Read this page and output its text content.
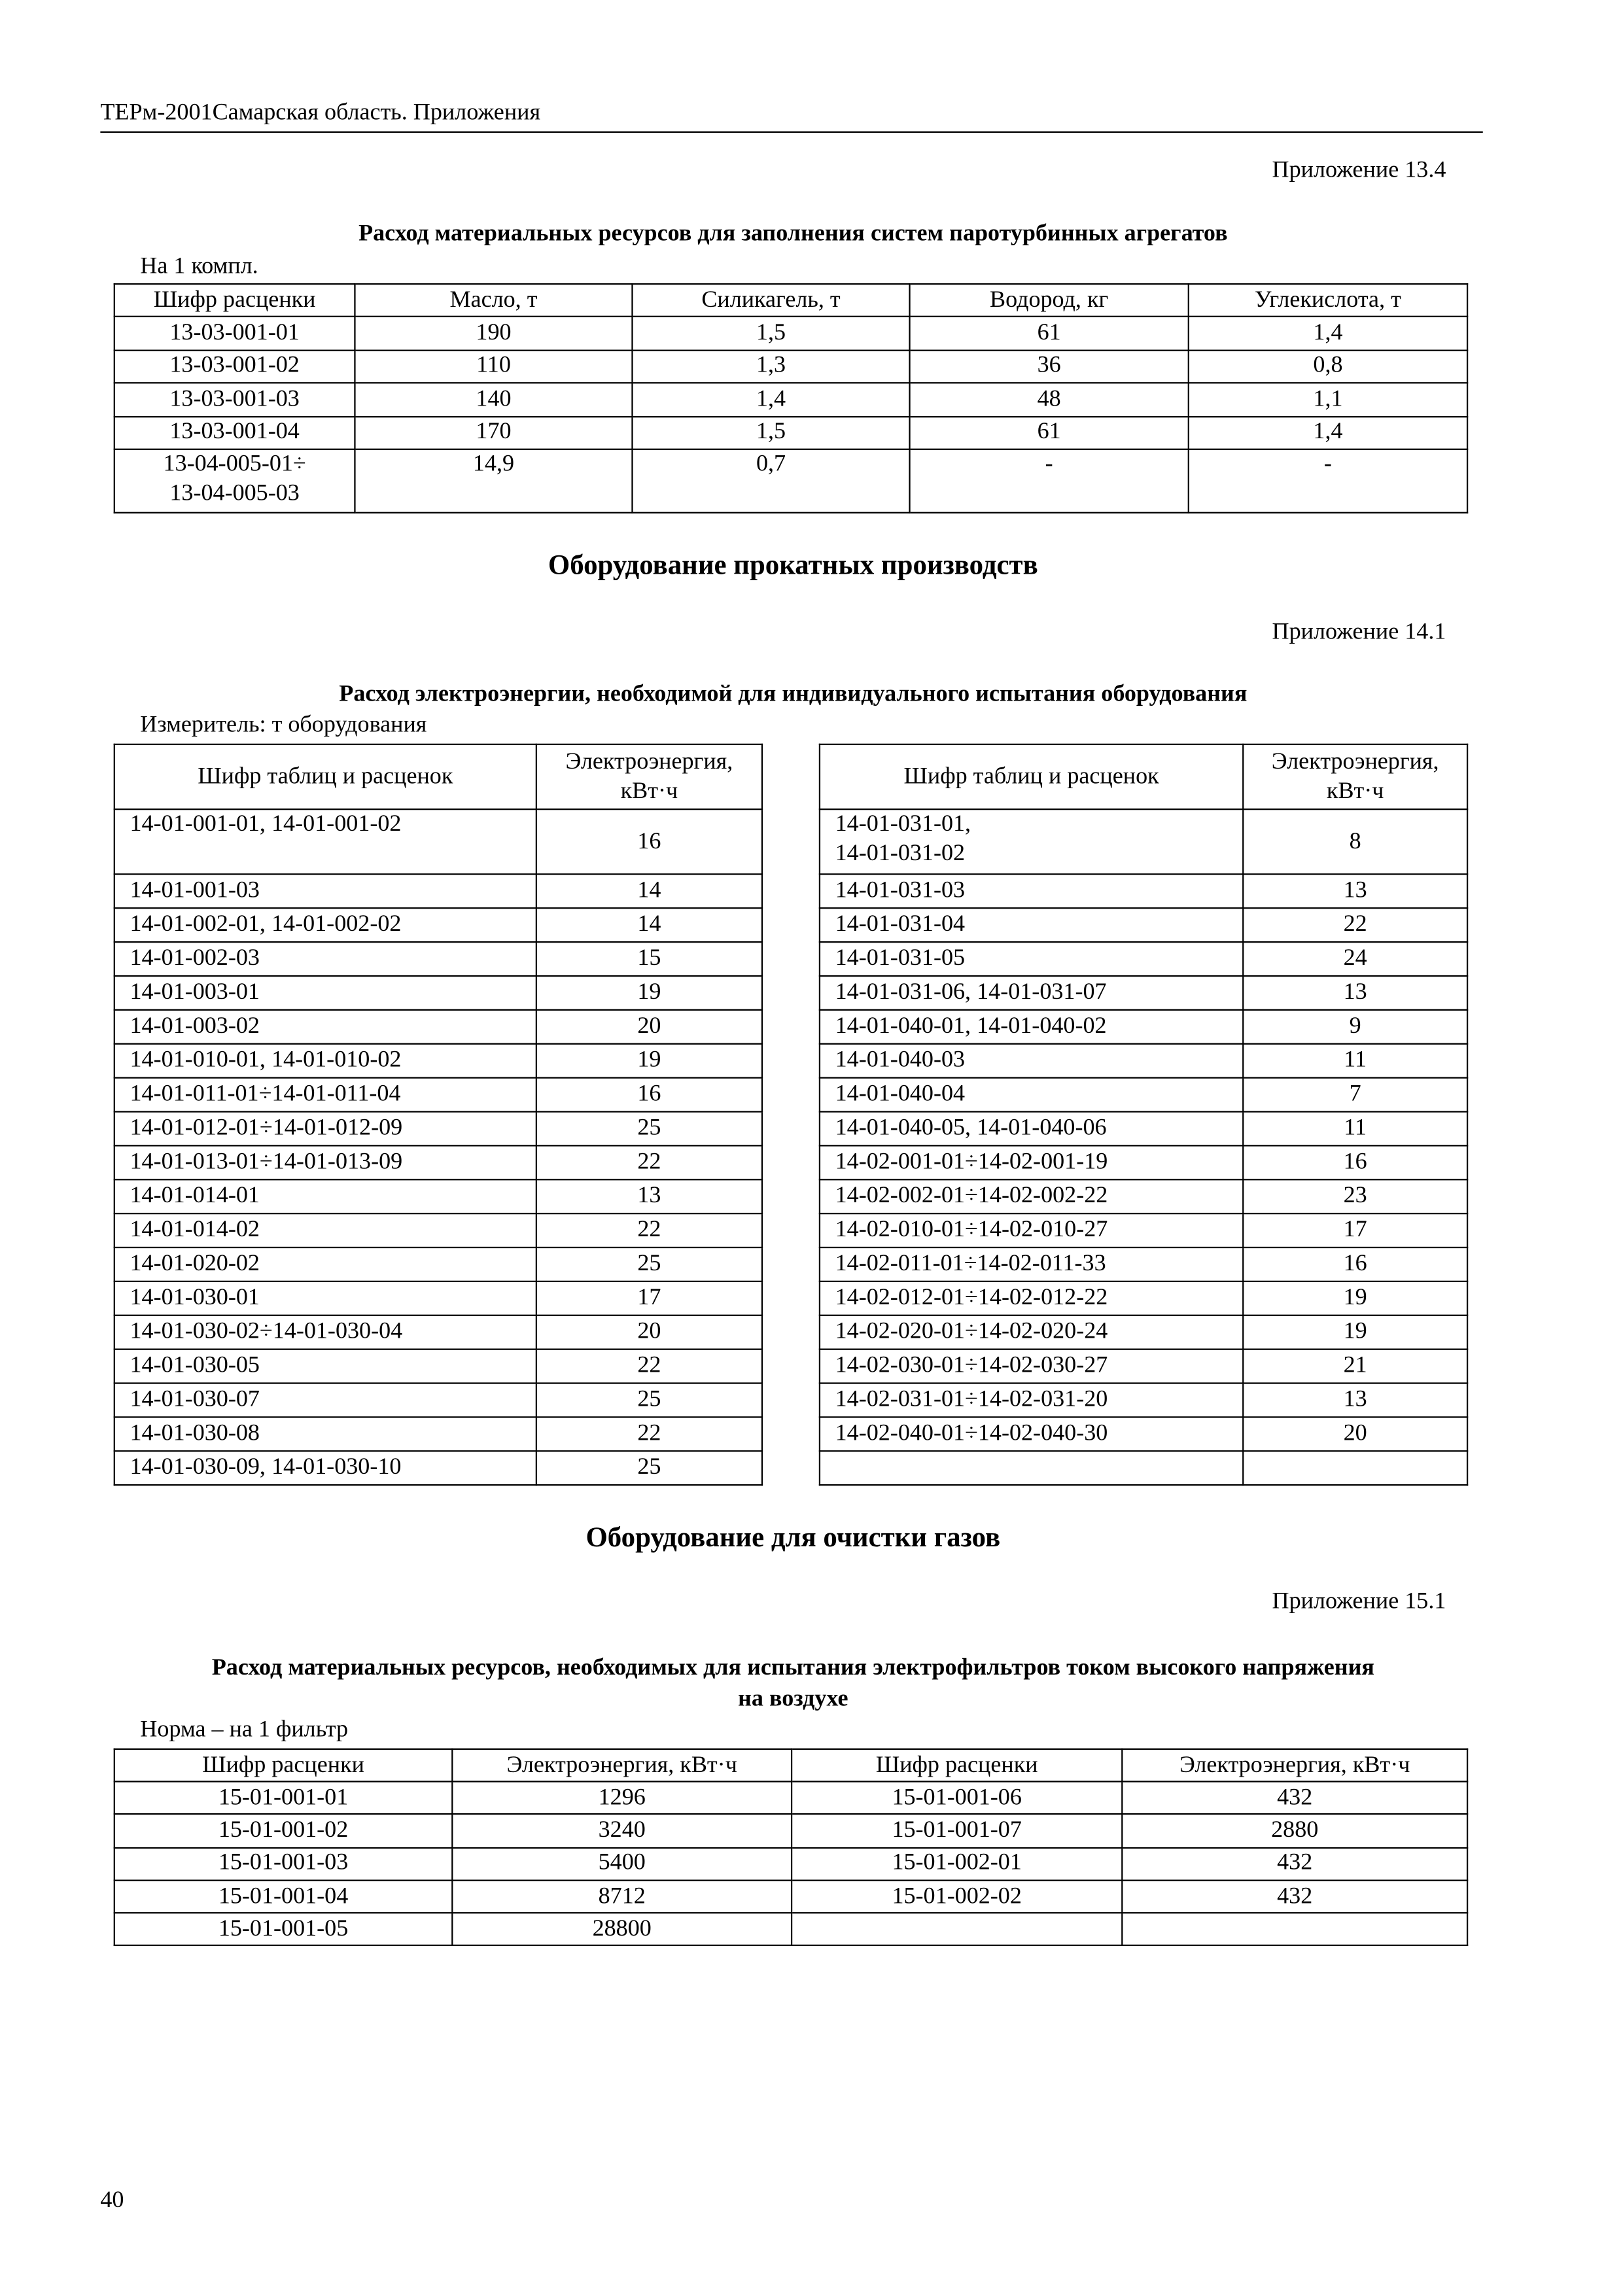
ТЕРм-2001Самарская область. Приложения
Приложение 13.4
Расход материальных ресурсов для заполнения систем паротурбинных агрегатов
На 1 компл.
Шифр расценки	Масло, т	Силикагель, т	Водород, кг	Углекислота, т
13-03-001-01	190	1,5	61	1,4
13-03-001-02	110	1,3	36	0,8
13-03-001-03	140	1,4	48	1,1
13-03-001-04	170	1,5	61	1,4
13-04-005-01÷
13-04-005-03	14,9	0,7	-	-
Оборудование прокатных производств
Приложение 14.1
Расход электроэнергии, необходимой для индивидуального испытания оборудования
Измеритель: т оборудования
Шифр таблиц и расценок	Электроэнергия,
кВт·ч
14-01-001-01, 14-01-001-02	16
14-01-001-03	14
14-01-002-01, 14-01-002-02	14
14-01-002-03	15
14-01-003-01	19
14-01-003-02	20
14-01-010-01, 14-01-010-02	19
14-01-011-01÷14-01-011-04	16
14-01-012-01÷14-01-012-09	25
14-01-013-01÷14-01-013-09	22
14-01-014-01	13
14-01-014-02	22
14-01-020-02	25
14-01-030-01	17
14-01-030-02÷14-01-030-04	20
14-01-030-05	22
14-01-030-07	25
14-01-030-08	22
14-01-030-09, 14-01-030-10	25
Шифр таблиц и расценок	Электроэнергия,
кВт·ч
14-01-031-01,
14-01-031-02	8
14-01-031-03	13
14-01-031-04	22
14-01-031-05	24
14-01-031-06, 14-01-031-07	13
14-01-040-01, 14-01-040-02	9
14-01-040-03	11
14-01-040-04	7
14-01-040-05, 14-01-040-06	11
14-02-001-01÷14-02-001-19	16
14-02-002-01÷14-02-002-22	23
14-02-010-01÷14-02-010-27	17
14-02-011-01÷14-02-011-33	16
14-02-012-01÷14-02-012-22	19
14-02-020-01÷14-02-020-24	19
14-02-030-01÷14-02-030-27	21
14-02-031-01÷14-02-031-20	13
14-02-040-01÷14-02-040-30	20

Оборудование для очистки газов
Приложение 15.1
Расход материальных ресурсов, необходимых для испытания электрофильтров током высокого напряжения
на воздухе
Норма – на 1 фильтр
Шифр расценки	Электроэнергия, кВт·ч	Шифр расценки	Электроэнергия, кВт·ч
15-01-001-01	1296	15-01-001-06	432
15-01-001-02	3240	15-01-001-07	2880
15-01-001-03	5400	15-01-002-01	432
15-01-001-04	8712	15-01-002-02	432
15-01-001-05	28800		
40
